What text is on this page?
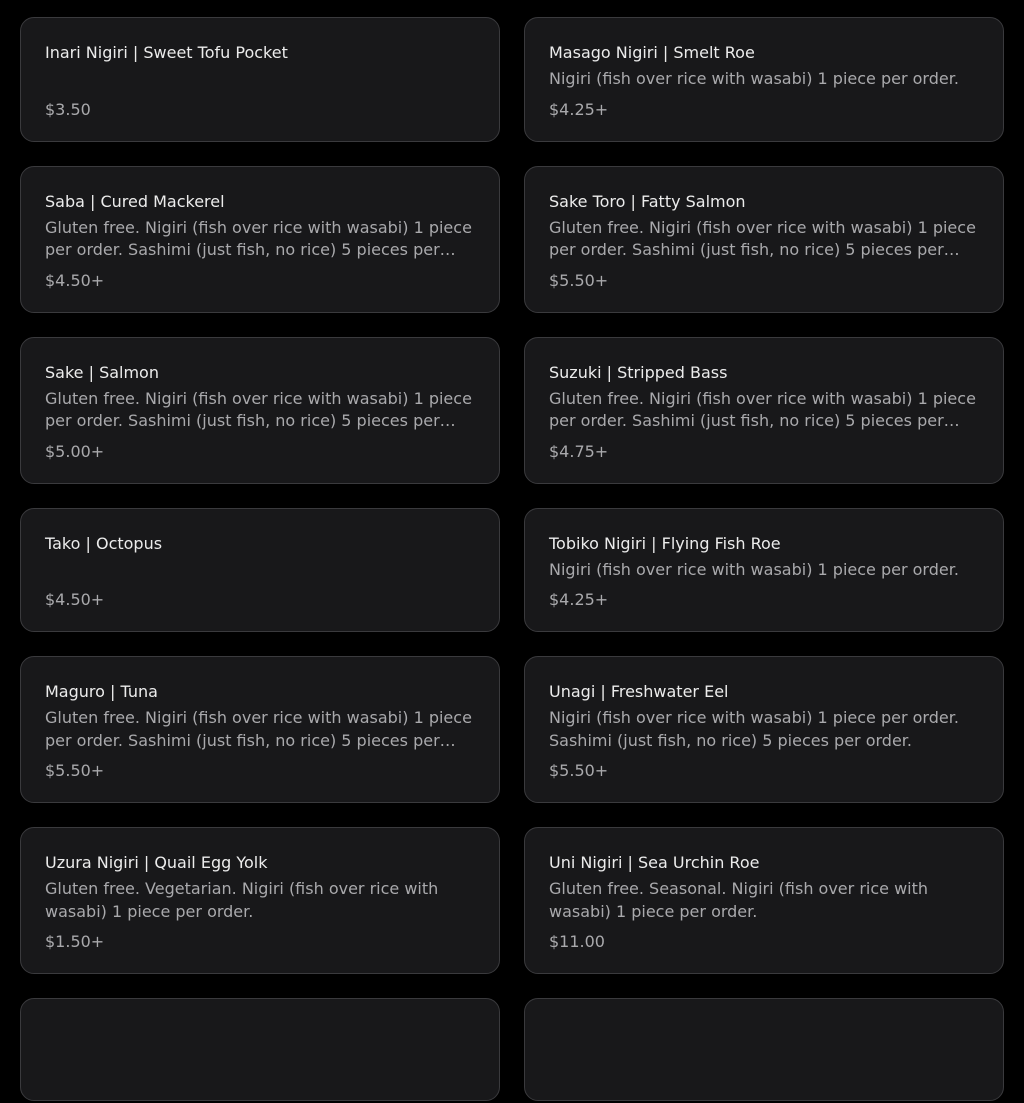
Inari Nigiri | Sweet Tofu Pocket
$3.50
Masago Nigiri | Smelt Roe
Nigiri (fish over rice with wasabi) 1 piece per order.
$4.25+
Saba | Cured Mackerel
Gluten free. Nigiri (fish over rice with wasabi) 1 piece per order. Sashimi (just fish, no rice) 5 pieces per
$4.50+
Sake Toro | Fatty Salmon
Gluten free. Nigiri (fish over rice with wasabi) 1 piece per order. Sashimi (just fish, no rice) 5 pieces per
$5.50+
Sake | Salmon
Gluten free. Nigiri (fish over rice with wasabi) 1 piece per order. Sashimi (just fish, no rice) 5 pieces per
$5.00+
Suzuki | Stripped Bass
Gluten free. Nigiri (fish over rice with wasabi) 1 piece per order. Sashimi (just fish, no rice) 5 pieces per
$4.75+
Tako | Octopus
$4.50+
Tobiko Nigiri | Flying Fish Roe
Nigiri (fish over rice with wasabi) 1 piece per order.
$4.25+
Maguro | Tuna
Gluten free. Nigiri (fish over rice with wasabi) 1 piece per order. Sashimi (just fish, no rice) 5 pieces per
$5.50+
Unagi | Freshwater Eel
Nigiri (fish over rice with wasabi) 1 piece per order. Sashimi (just fish, no rice) 5 pieces per order.
$5.50+
Uzura Nigiri | Quail Egg Yolk
Gluten free. Vegetarian. Nigiri (fish over rice with wasabi) 1 piece per order.
$1.50+
Uni Nigiri | Sea Urchin Roe
Gluten free. Seasonal. Nigiri (fish over rice with wasabi) 1 piece per order.
$11.00
